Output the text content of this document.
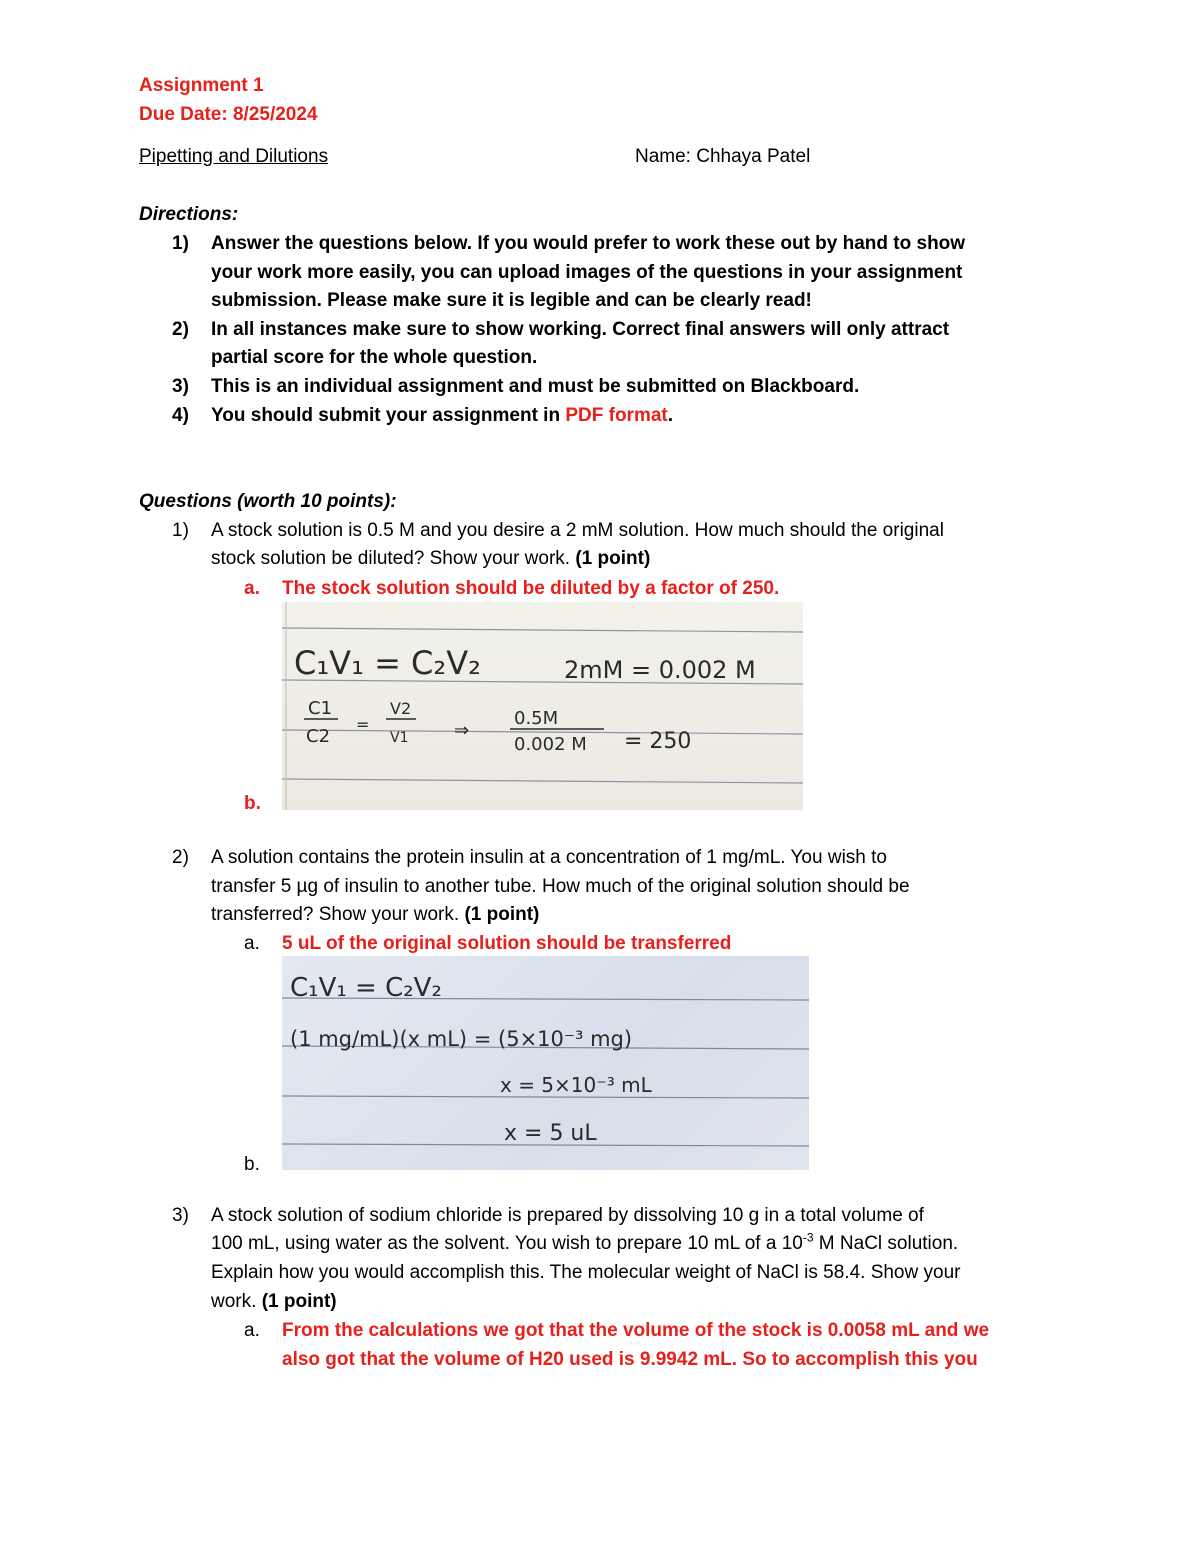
Assignment 1
Due Date: 8/25/2024
Pipetting and Dilutions	Name: Chhaya Patel
Directions:
1) Answer the questions below. If you would prefer to work these out by hand to show
your work more easily, you can upload images of the questions in your assignment
submission. Please make sure it is legible and can be clearly read!
2) In all instances make sure to show working. Correct final answers will only attract
partial score for the whole question.
3) This is an individual assignment and must be submitted on Blackboard.
4) You should submit your assignment in PDF format.
Questions (worth 10 points):
1) A stock solution is 0.5 M and you desire a 2 mM solution. How much should the original
stock solution be diluted? Show your work. (1 point)
a. The stock solution should be diluted by a factor of 250.
b.
C₁V₁ = C₂V₂	2mM = 0.002 M
C1
C2
=
V2
V1	⇒
0.5M
0.002 M = 250
2) A solution contains the protein insulin at a concentration of 1 mg/mL. You wish to
transfer 5 µg of insulin to another tube. How much of the original solution should be
transferred? Show your work. (1 point)
a. 5 uL of the original solution should be transferred
b.
C₁V₁ = C₂V₂
(1 mg/mL)(x mL) = (5×10⁻³ mg)
x = 5×10⁻³ mL
x = 5 uL
3) A stock solution of sodium chloride is prepared by dissolving 10 g in a total volume of
100 mL, using water as the solvent. You wish to prepare 10 mL of a $10^{-3}$ M NaCl solution.
Explain how you would accomplish this. The molecular weight of NaCl is 58.4. Show your
work. (1 point)
a. From the calculations we got that the volume of the stock is 0.0058 mL and we
also got that the volume of H20 used is 9.9942 mL. So to accomplish this you
